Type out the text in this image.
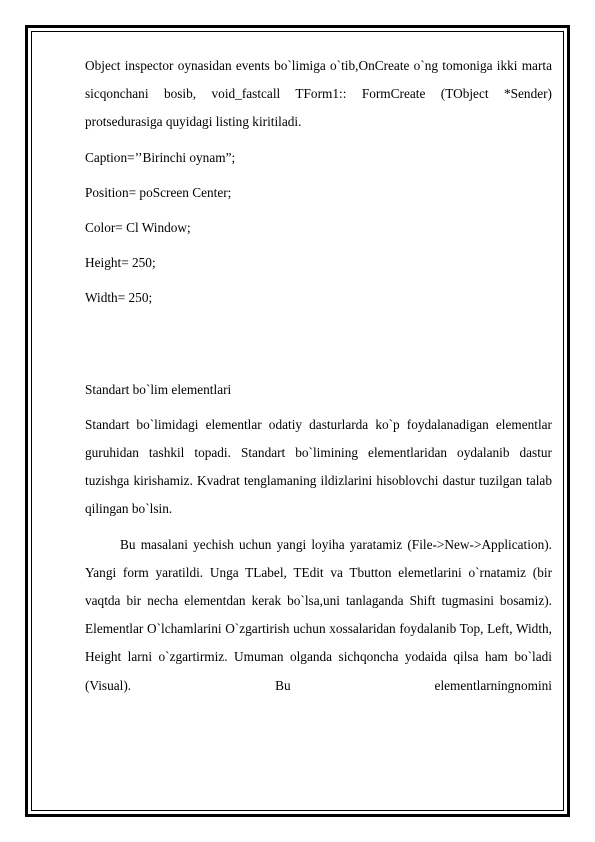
Object inspector oynasidan events bo`limiga o`tib,OnCreate o`ng tomoniga ikki marta sicqonchani bosib, void_fastcall TForm1:: FormCreate (TObject *Sender) protsedurasiga quyidagi listing kiritiladi.

Caption=’’Birinchi oynam”;

Position= poScreen Center;

Color= Cl Window;

Height= 250;

Width= 250;

Standart bo`lim elementlari

Standart bo`limidagi elementlar odatiy dasturlarda ko`p foydalanadigan elementlar guruhidan tashkil topadi. Standart bo`limining elementlaridan oydalanib dastur tuzishga kirishamiz. Kvadrat tenglamaning ildizlarini hisoblovchi dastur tuzilgan talab qilingan bo`lsin.

Bu masalani yechish uchun yangi loyiha yaratamiz (File->New->Application). Yangi form yaratildi. Unga TLabel, TEdit va Tbutton elemetlarini o`rnatamiz (bir vaqtda bir necha elementdan kerak bo`lsa,uni tanlaganda Shift tugmasini bosamiz). Elementlar O`lchamlarini O`zgartirish uchun xossalaridan foydalanib Top, Left, Width, Height larni o`zgartirmiz. Umuman olganda sichqoncha yodaida qilsa ham bo`ladi (Visual). Bu elementlarningnomini
